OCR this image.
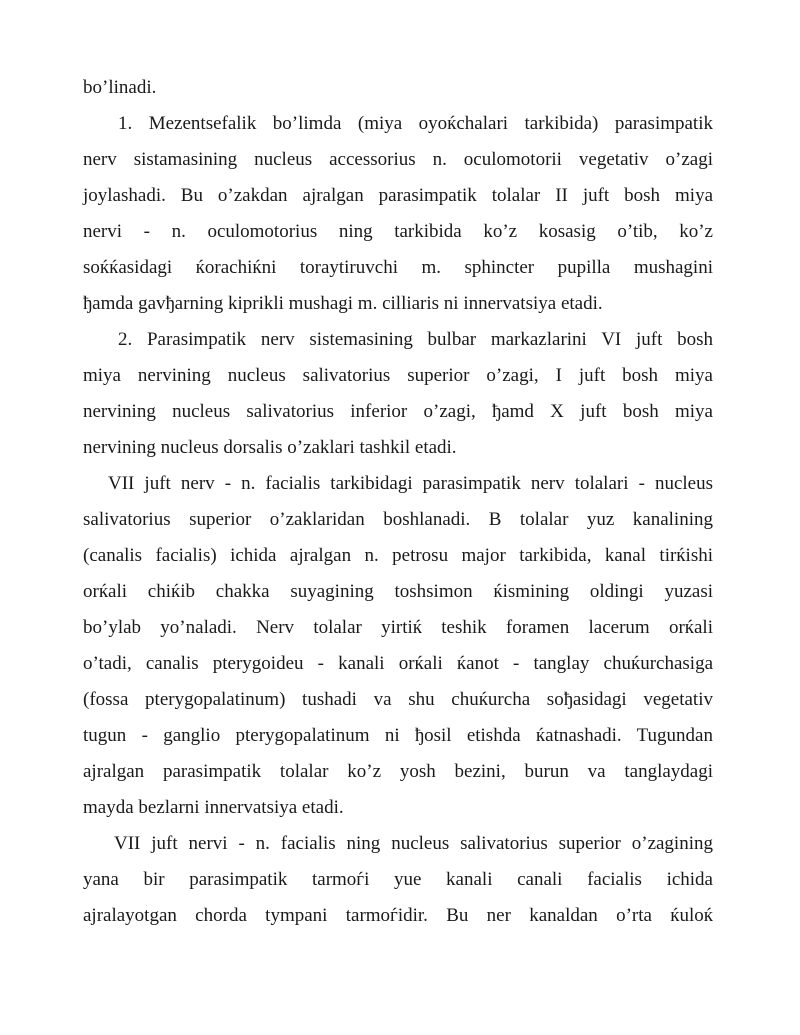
bo’linadi.
1. Mezentsefalik bo’limda (miya oyoќchalari tarkibida) parasimpatik
nerv sistamasining nucleus accessorius n. oculomotorii vegetativ o’zagi
joylashadi. Bu o’zakdan ajralgan parasimpatik tolalar II juft bosh miya
nervi - n. oculomotorius ning tarkibida ko’z kosasig o’tib, ko’z
soќќasidagi ќorachiќni toraytiruvchi m. sphincter pupilla mushagini
ђamda gavђarning kiprikli mushagi m. cilliaris ni innervatsiya etadi.
2. Parasimpatik nerv sistemasining bulbar markazlarini VI juft bosh
miya nervining nucleus salivatorius superior o’zagi, I juft bosh miya
nervining nucleus salivatorius inferior o’zagi, ђamd X juft bosh miya
nervining nucleus dorsalis o’zaklari tashkil etadi.
VII juft nerv - n. facialis tarkibidagi parasimpatik nerv tolalari - nucleus
salivatorius superior o’zaklaridan boshlanadi. B tolalar yuz kanalining
(canalis facialis) ichida ajralgan n. petrosu major tarkibida, kanal tirќishi
orќali chiќib chakka suyagining toshsimon ќismining oldingi yuzasi
bo’ylab yo’naladi. Nerv tolalar yirtiќ teshik foramen lacerum orќali
o’tadi, canalis pterygoideu - kanali orќali ќanot - tanglay chuќurchasiga
(fossa pterygopalatinum) tushadi va shu chuќurcha soђasidagi vegetativ
tugun - ganglio pterygopalatinum ni ђosil etishda ќatnashadi. Tugundan
ajralgan parasimpatik tolalar ko’z yosh bezini, burun va tanglaydagi
mayda bezlarni innervatsiya etadi.
VII juft nervi - n. facialis ning nucleus salivatorius superior o’zagining
yana bir parasimpatik tarmoѓi yue kanali canali facialis ichida
ajralayotgan chorda tympani tarmoѓidir. Bu ner kanaldan o’rta ќuloќ
